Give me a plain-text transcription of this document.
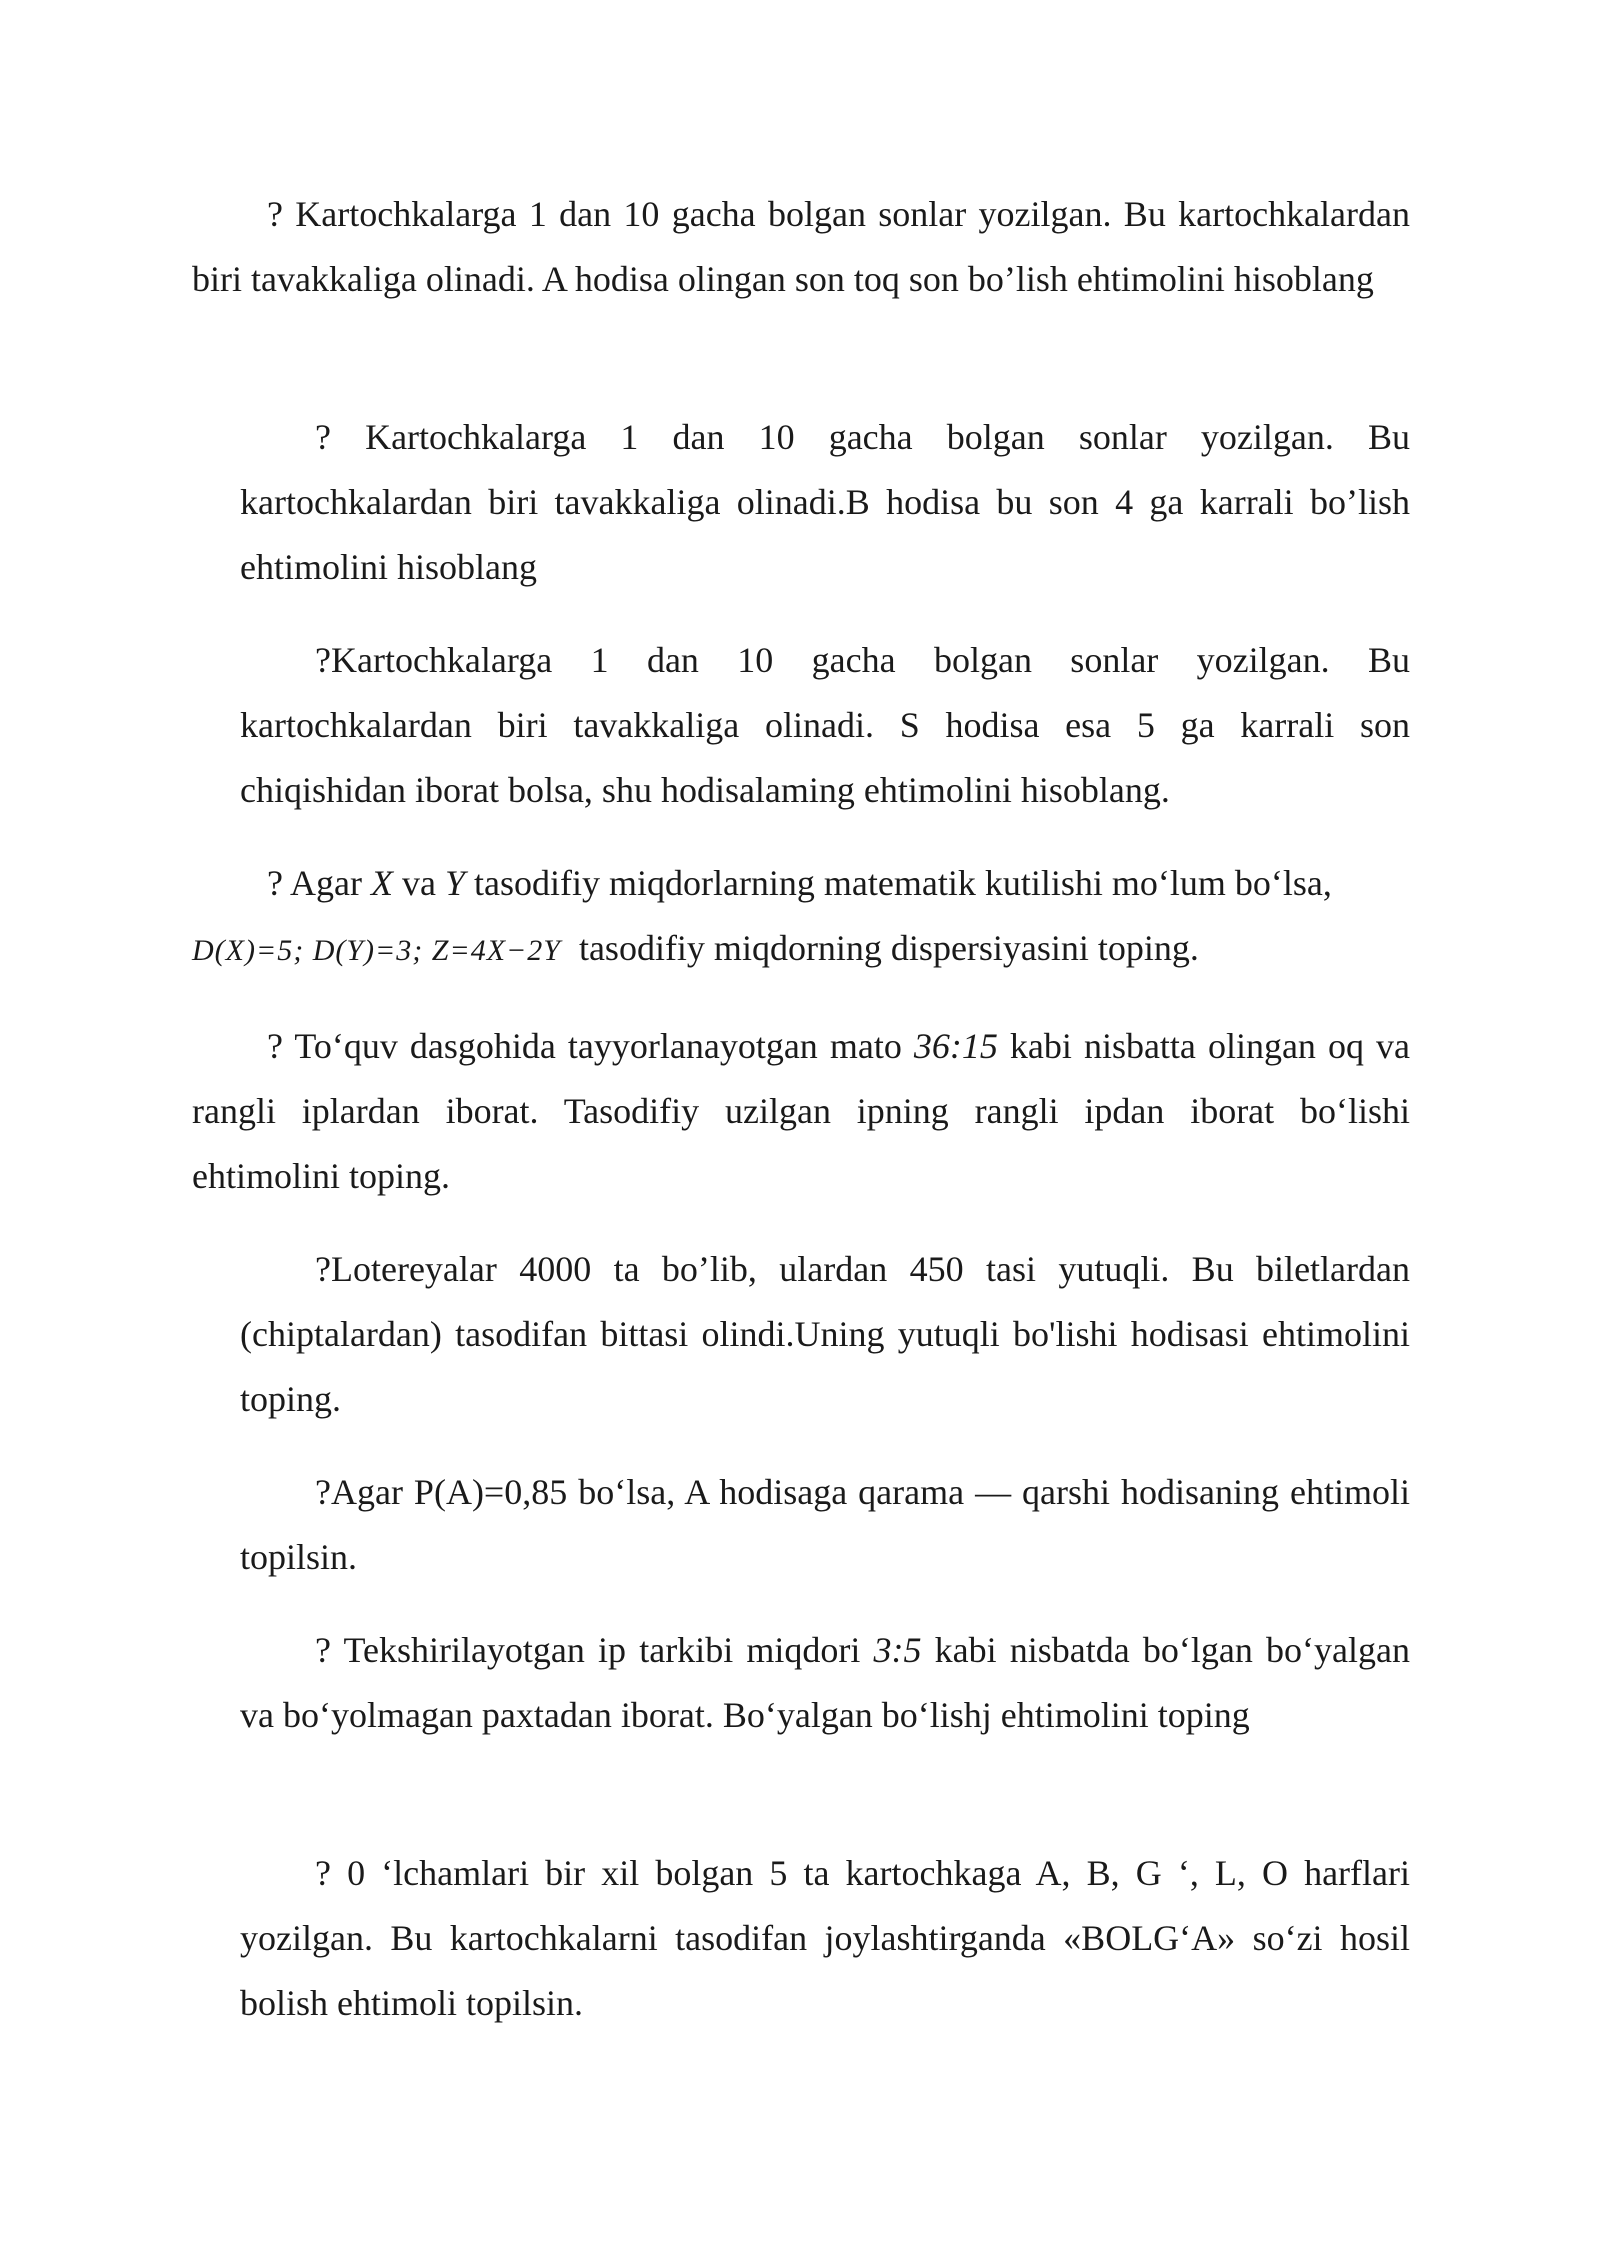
? Kartochkalarga 1 dan 10 gacha bolgan sonlar yozilgan. Bu kartochkalardan biri tavakkaliga olinadi. A hodisa olingan son toq son bo’lish ehtimolini hisoblang

? Kartochkalarga 1 dan 10 gacha bolgan sonlar yozilgan. Bu kartochkalardan biri tavakkaliga olinadi.B hodisa bu son 4 ga karrali bo’lish ehtimolini hisoblang

?Kartochkalarga 1 dan 10 gacha bolgan sonlar yozilgan. Bu kartochkalardan biri tavakkaliga olinadi. S hodisa esa 5 ga karrali son chiqishidan iborat bolsa, shu hodisalaming ehtimolini hisoblang.

? Agar X va Y tasodifiy miqdorlarning matematik kutilishi mo‘lum bo‘lsa,
D(X)=5; D(Y)=3; Z=4X−2Y tasodifiy miqdorning dispersiyasini toping.

? To‘quv dasgohida tayyorlanayotgan mato 36:15 kabi nisbatta olingan oq va rangli iplardan iborat. Tasodifiy uzilgan ipning rangli ipdan iborat bo‘lishi ehtimolini toping.

?Lotereyalar 4000 ta bo’lib, ulardan 450 tasi yutuqli. Bu biletlardan (chiptalardan) tasodifan bittasi olindi.Uning yutuqli bo'lishi hodisasi ehtimolini toping.

?Agar P(A)=0,85 bo‘lsa, A hodisaga qarama — qarshi hodisaning ehtimoli topilsin.

? Tekshirilayotgan ip tarkibi miqdori 3:5 kabi nisbatda bo‘lgan bo‘yalgan va bo‘yolmagan paxtadan iborat. Bo‘yalgan bo‘lishj ehtimolini toping

? 0 ‘lchamlari bir xil bolgan 5 ta kartochkaga A, B, G ‘, L, O harflari yozilgan. Bu kartochkalarni tasodifan joylashtirganda «BOLG‘A» so‘zi hosil bolish ehtimoli topilsin.
